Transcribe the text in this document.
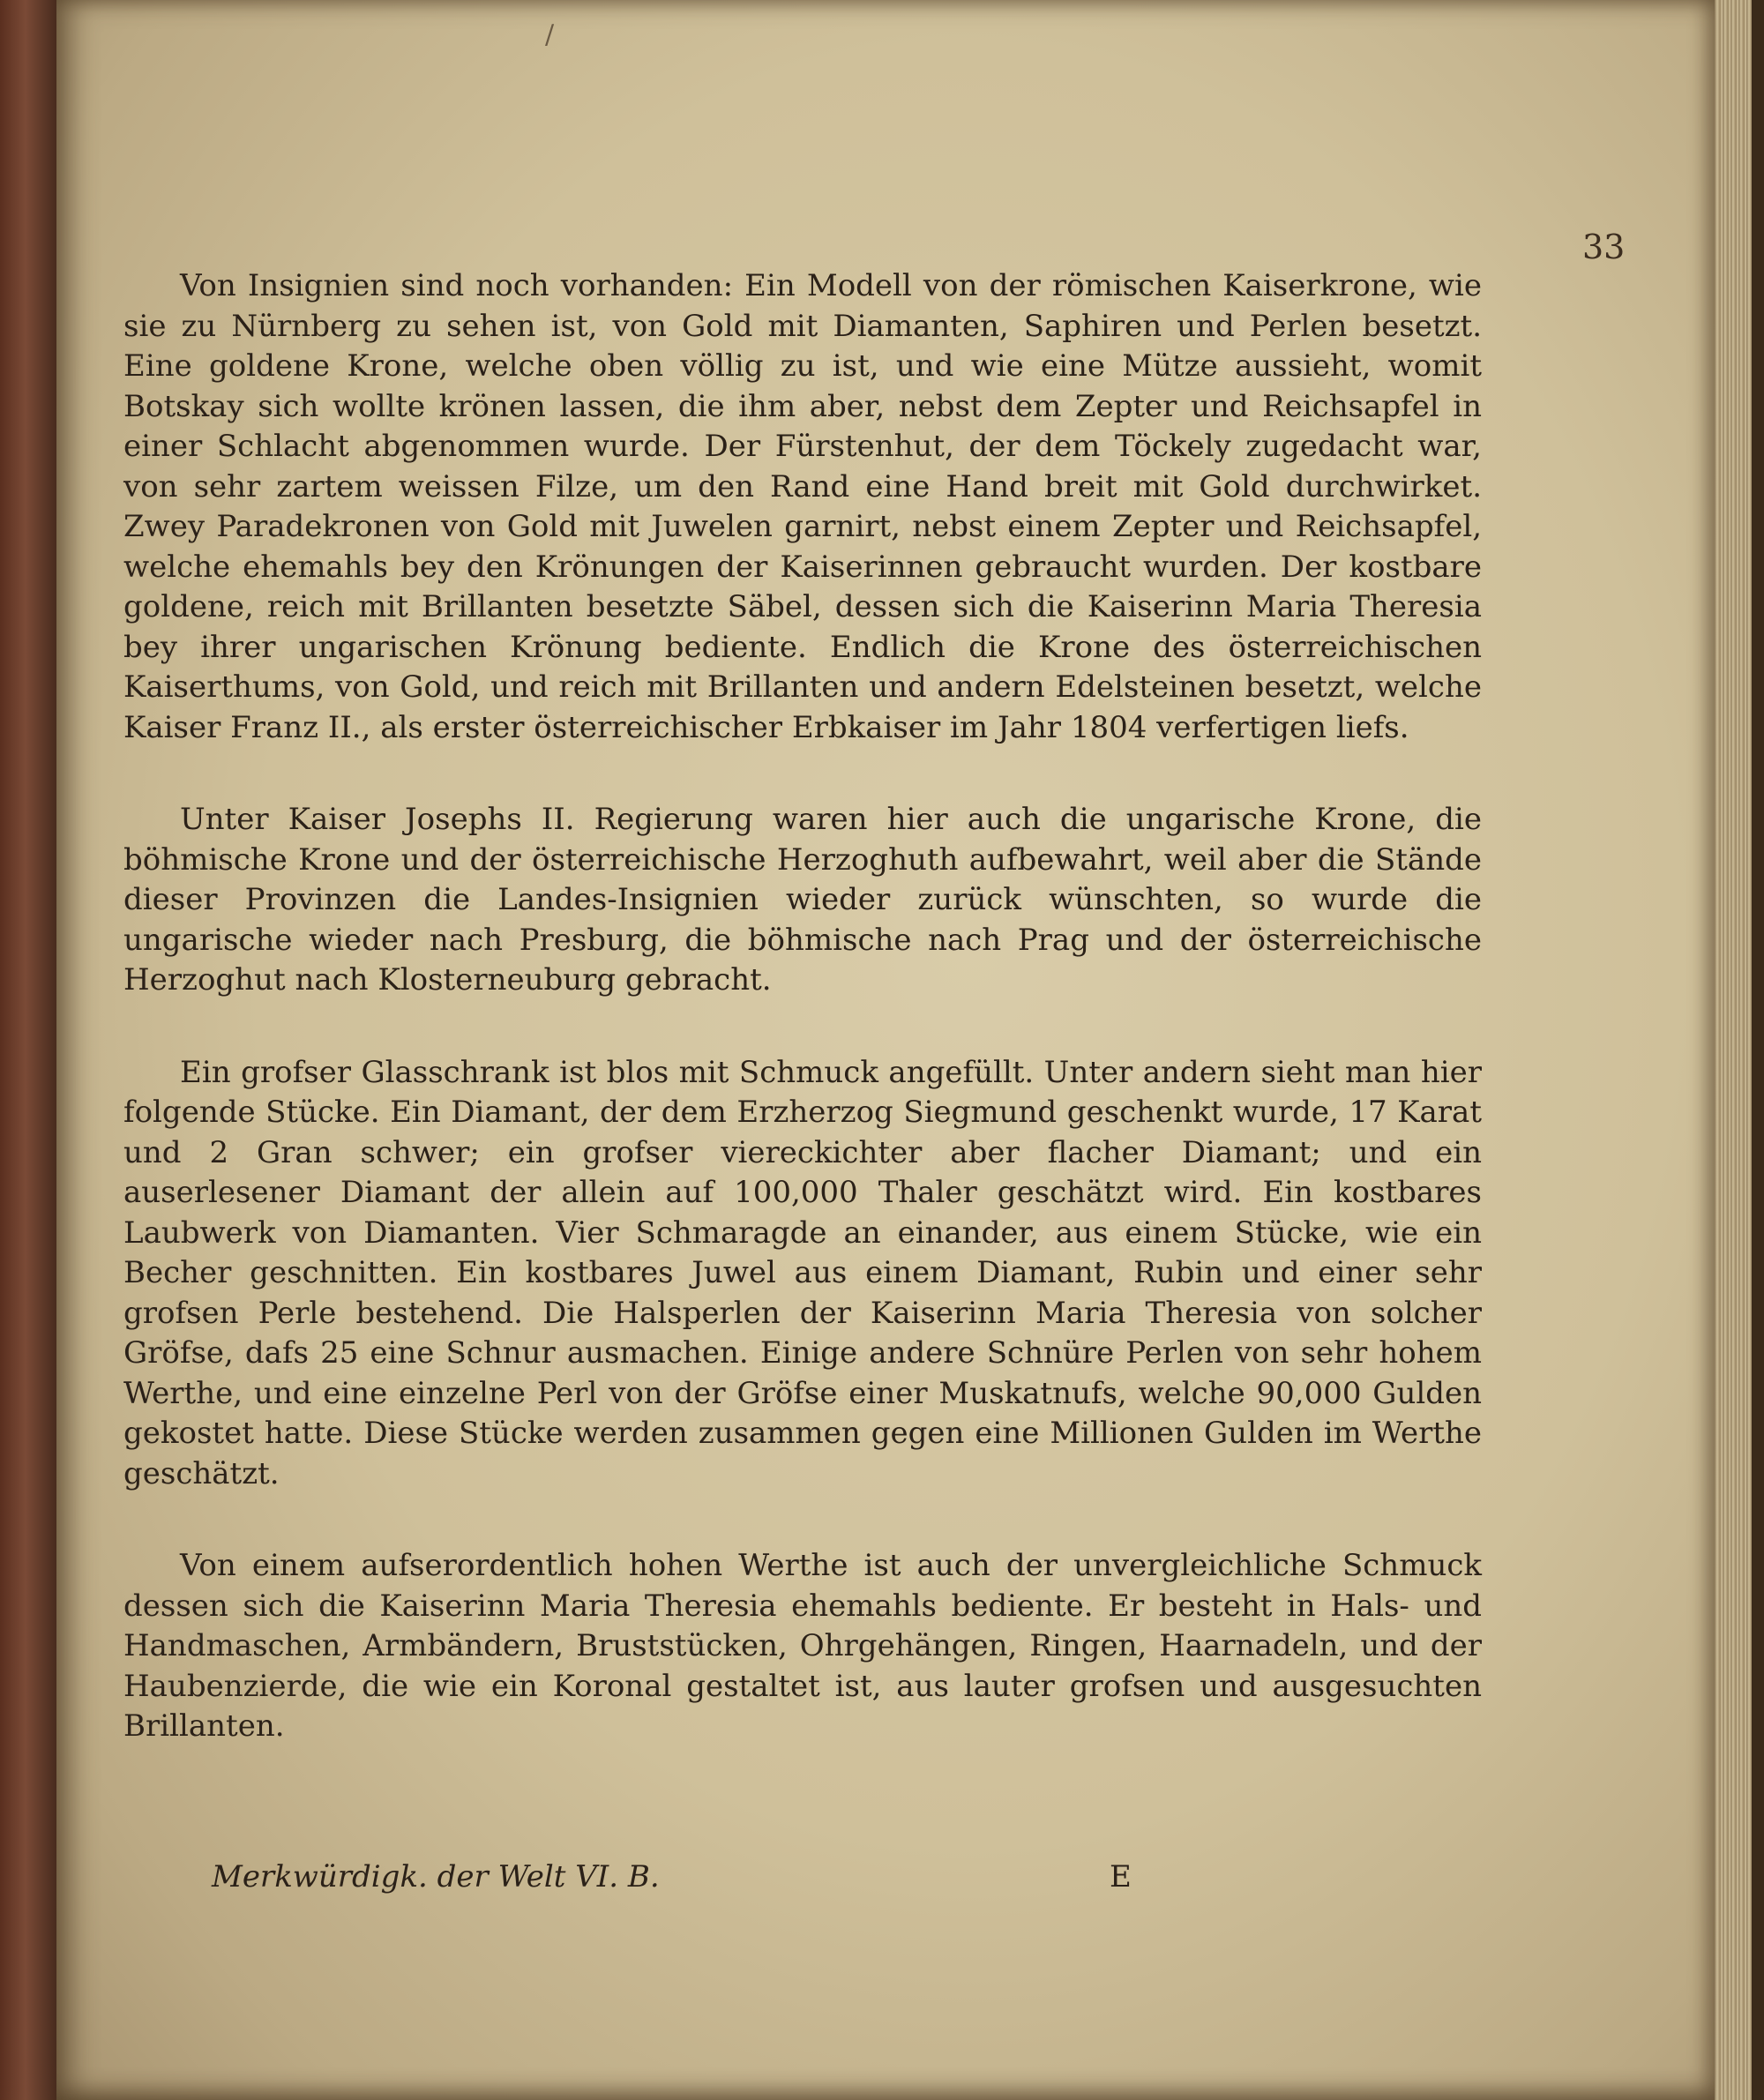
/
33

Von Insignien sind noch vorhanden: Ein Modell von der römischen Kaiserkrone, wie sie zu Nürnberg zu sehen ist, von Gold mit Diamanten, Saphiren und Perlen besetzt. Eine goldene Krone, welche oben völlig zu ist, und wie eine Mütze aussieht, womit Botskay sich wollte krönen lassen, die ihm aber, nebst dem Zepter und Reichsapfel in einer Schlacht abgenommen wurde. Der Fürstenhut, der dem Töckely zugedacht war, von sehr zartem weissen Filze, um den Rand eine Hand breit mit Gold durchwirket. Zwey Paradekronen von Gold mit Juwelen garnirt, nebst einem Zepter und Reichsapfel, welche ehemahls bey den Krönungen der Kaiserinnen gebraucht wurden. Der kostbare goldene, reich mit Brillanten besetzte Säbel, dessen sich die Kaiserinn Maria Theresia bey ihrer ungarischen Krönung bediente. Endlich die Krone des österreichischen Kaiserthums, von Gold, und reich mit Brillanten und andern Edelsteinen besetzt, welche Kaiser Franz II., als erster österreichischer Erbkaiser im Jahr 1804 verfertigen liefs.

Unter Kaiser Josephs II. Regierung waren hier auch die ungarische Krone, die böhmische Krone und der österreichische Herzoghuth aufbewahrt, weil aber die Stände dieser Provinzen die Landes-Insignien wieder zurück wünschten, so wurde die ungarische wieder nach Presburg, die böhmische nach Prag und der österreichische Herzoghut nach Klosterneuburg gebracht.

Ein grofser Glasschrank ist blos mit Schmuck angefüllt. Unter andern sieht man hier folgende Stücke. Ein Diamant, der dem Erzherzog Siegmund geschenkt wurde, 17 Karat und 2 Gran schwer; ein grofser viereckichter aber flacher Diamant; und ein auserlesener Diamant der allein auf 100,000 Thaler geschätzt wird. Ein kostbares Laubwerk von Diamanten. Vier Schmaragde an einander, aus einem Stücke, wie ein Becher geschnitten. Ein kostbares Juwel aus einem Diamant, Rubin und einer sehr grofsen Perle bestehend. Die Halsperlen der Kaiserinn Maria Theresia von solcher Gröfse, dafs 25 eine Schnur ausmachen. Einige andere Schnüre Perlen von sehr hohem Werthe, und eine einzelne Perl von der Gröfse einer Muskatnufs, welche 90,000 Gulden gekostet hatte. Diese Stücke werden zusammen gegen eine Millionen Gulden im Werthe geschätzt.

Von einem aufserordentlich hohen Werthe ist auch der unvergleichliche Schmuck dessen sich die Kaiserinn Maria Theresia ehemahls bediente. Er besteht in Hals- und Handmaschen, Armbändern, Bruststücken, Ohrgehängen, Ringen, Haarnadeln, und der Haubenzierde, die wie ein Koronal gestaltet ist, aus lauter grofsen und ausgesuchten Brillanten.

Merkwürdigk. der Welt VI. B.	E
